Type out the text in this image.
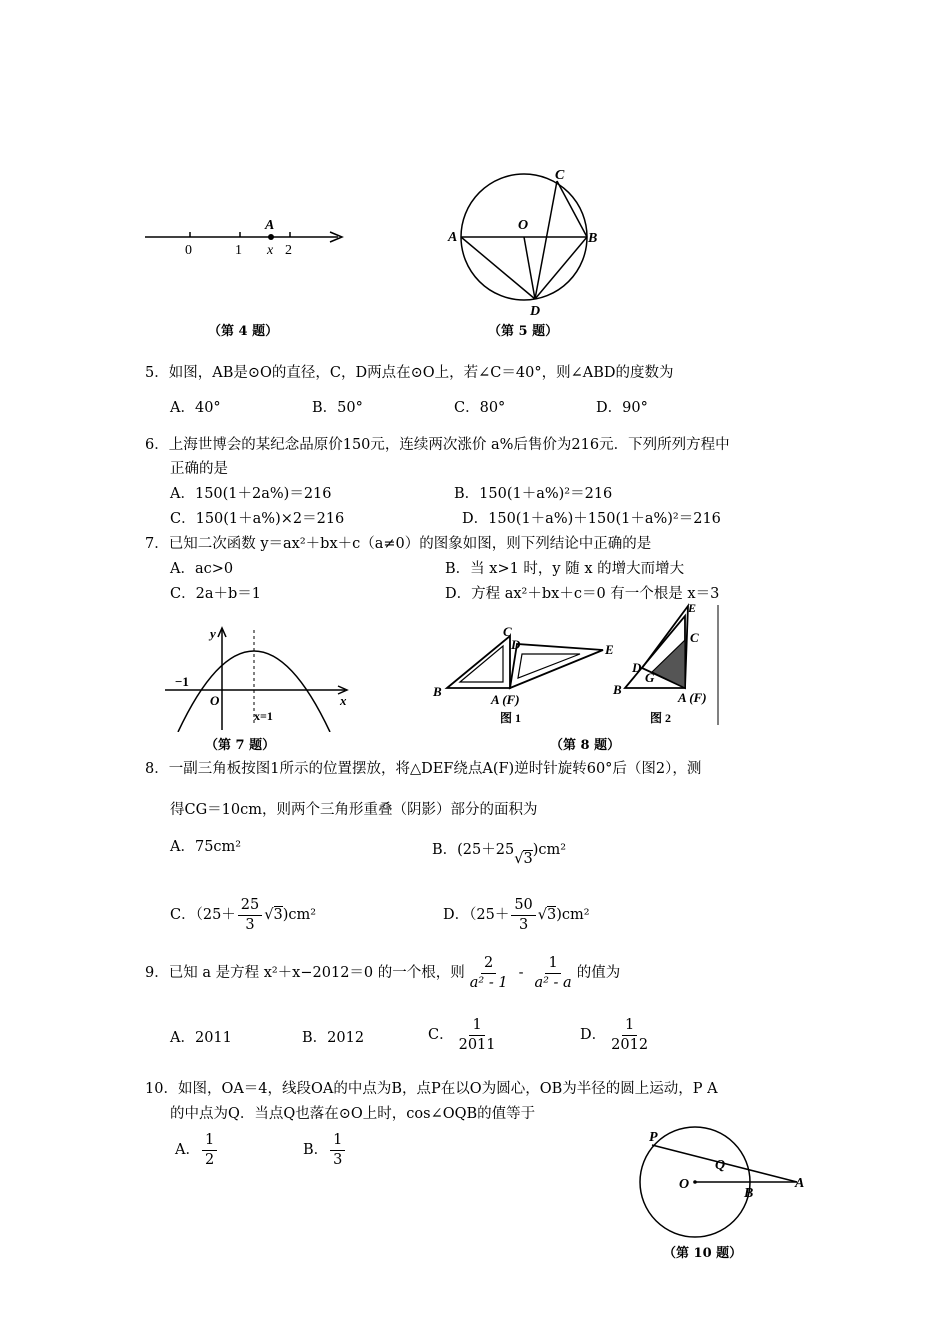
0	1
A
x 2
（第 4 题）
A
O
B
C
D
（第 5 题）
5．如图，AB是⊙O的直径，C，D两点在⊙O上，若∠C＝40°，则∠ABD的度数为
A．40°	B．50°	C．80°	D．90°
6．上海世博会的某纪念品原价150元，连续两次涨价 a%后售价为216元．下列所列方程中
正确的是
A．150(1＋2a%)＝216	B．150(1＋a%)²＝216
C．150(1＋a%)×2＝216	D．150(1＋a%)＋150(1＋a%)²＝216
7．已知二次函数 y＝ax²＋bx＋c（a≠0）的图象如图，则下列结论中正确的是
A．ac>0	B．当 x>1 时，y 随 x 的增大而增大
C．2a＋b＝1	D．方程 ax²＋bx＋c＝0 有一个根是 x＝3
y
x
O
−1
x=1
（第 7 题）
C
D	E
B
A (F)
图 1
E
C
D
G
B
A (F)
图 2
（第 8 题）
8．一副三角板按图1所示的位置摆放，将△DEF绕点A(F)逆时针旋转60°后（图2），测
得CG＝10cm，则两个三角形重叠（阴影）部分的面积为
A．75cm²	B．(25＋25√3)cm²
C．（$25+ \frac{25}{3} √3$ )cm²	D．（$25+ \frac{50}{3} √3$ )cm²
9．已知 a 是方程 x²＋x−2012＝0 的一个根，则 $\frac{2}{\text{a² - 1}} - \frac{1}{\text{a² - a}}$ 的值为
A．2011	B．2012	C． $\frac{1}{2011}$	D． $\frac{1}{2012}$
10．如图，OA＝4，线段OA的中点为B，点P在以O为圆心，OB为半径的圆上运动，P A
的中点为Q．当点Q也落在⊙O上时，cos∠OQB的值等于
A． $\frac{1}{2}$	B． $\frac{1}{3}$	P
Q
O
B
A
（第 10 题）
